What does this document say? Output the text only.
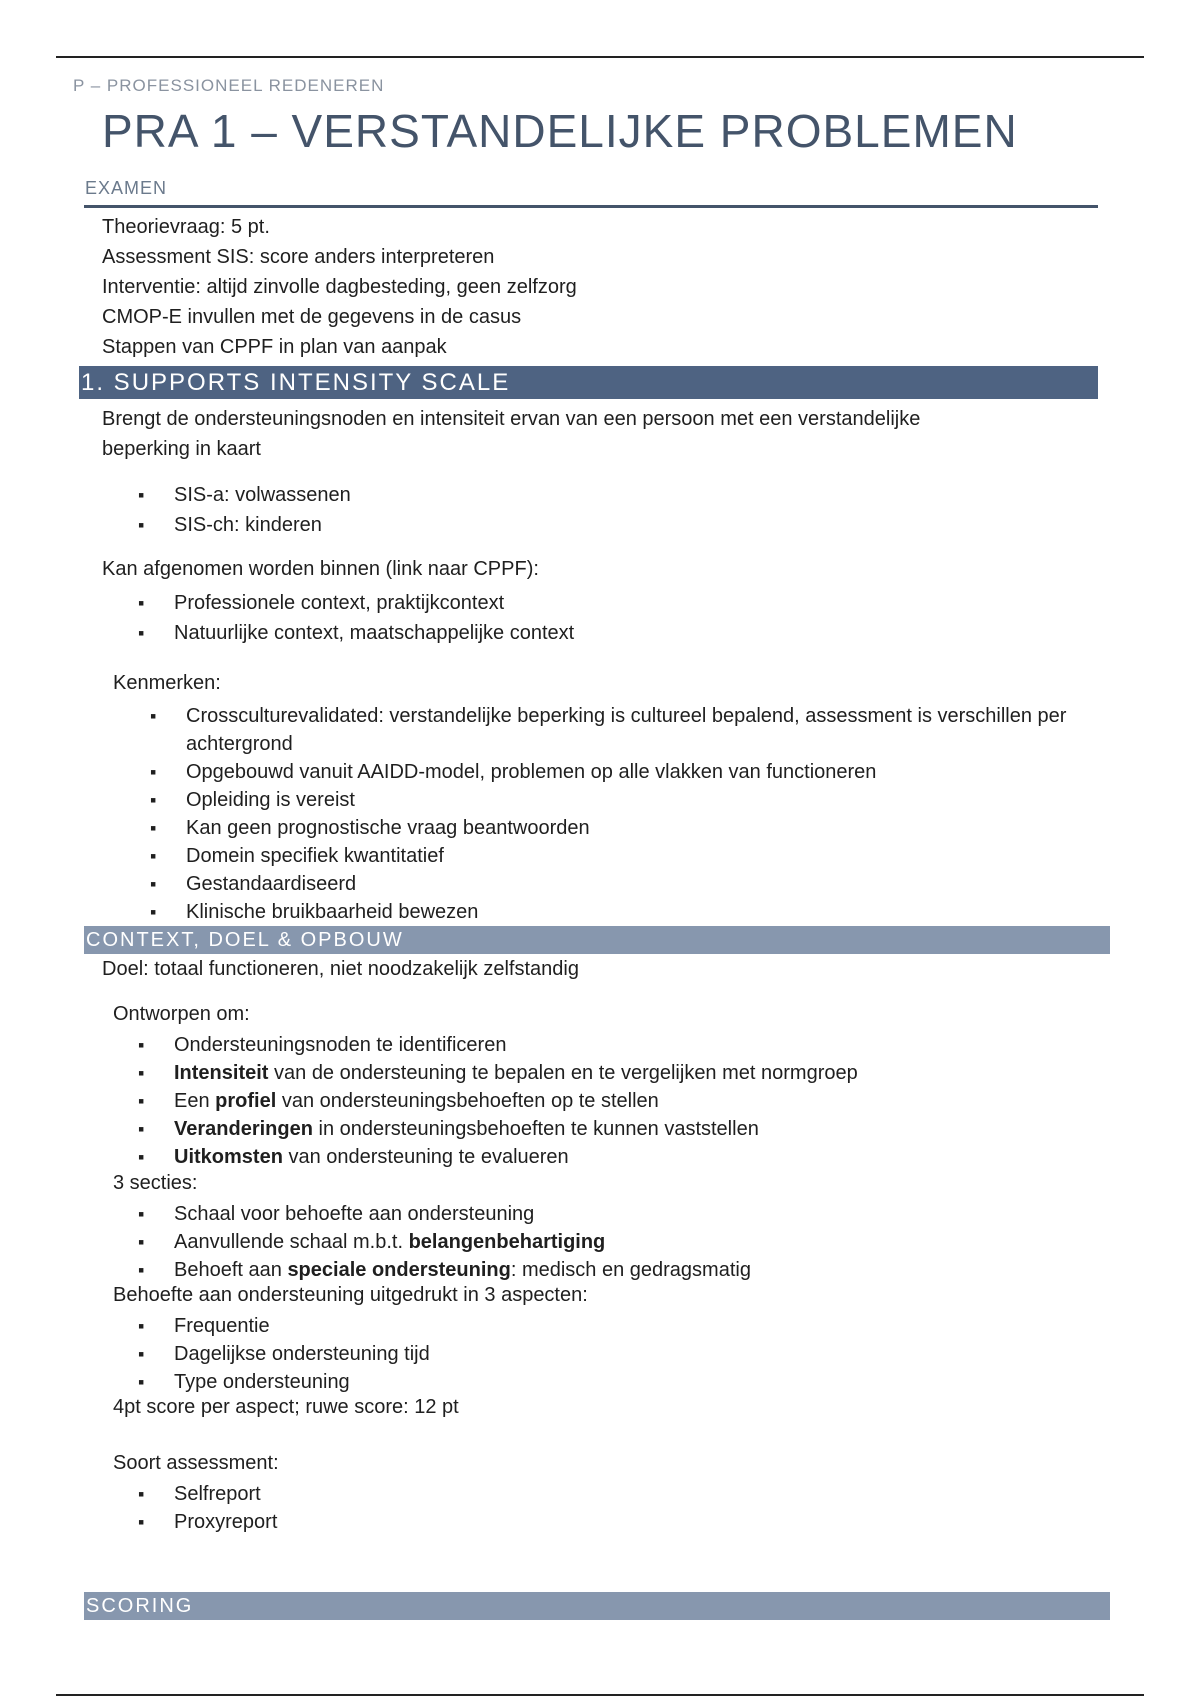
P – PROFESSIONEEL REDENEREN
PRA 1 – VERSTANDELIJKE PROBLEMEN
EXAMEN
Theorievraag: 5 pt.
Assessment SIS: score anders interpreteren
Interventie: altijd zinvolle dagbesteding, geen zelfzorg
CMOP-E invullen met de gegevens in de casus
Stappen van CPPF in plan van aanpak
1. SUPPORTS INTENSITY SCALE
Brengt de ondersteuningsnoden en intensiteit ervan van een persoon met een verstandelijke
beperking in kaart
▪ SIS-a: volwassenen
▪ SIS-ch: kinderen
Kan afgenomen worden binnen (link naar CPPF):
▪ Professionele context, praktijkcontext
▪ Natuurlijke context, maatschappelijke context
Kenmerken:
▪ Crossculturevalidated: verstandelijke beperking is cultureel bepalend, assessment is verschillen per achtergrond
▪ Opgebouwd vanuit AAIDD-model, problemen op alle vlakken van functioneren
▪ Opleiding is vereist
▪ Kan geen prognostische vraag beantwoorden
▪ Domein specifiek kwantitatief
▪ Gestandaardiseerd
▪ Klinische bruikbaarheid bewezen
CONTEXT, DOEL & OPBOUW
Doel: totaal functioneren, niet noodzakelijk zelfstandig
Ontworpen om:
▪ Ondersteuningsnoden te identificeren
▪ Intensiteit van de ondersteuning te bepalen en te vergelijken met normgroep
▪ Een profiel van ondersteuningsbehoeften op te stellen
▪ Veranderingen in ondersteuningsbehoeften te kunnen vaststellen
▪ Uitkomsten van ondersteuning te evalueren
3 secties:
▪ Schaal voor behoefte aan ondersteuning
▪ Aanvullende schaal m.b.t. belangenbehartiging
▪ Behoeft aan speciale ondersteuning: medisch en gedragsmatig
Behoefte aan ondersteuning uitgedrukt in 3 aspecten:
▪ Frequentie
▪ Dagelijkse ondersteuning tijd
▪ Type ondersteuning
4pt score per aspect; ruwe score: 12 pt
Soort assessment:
▪ Selfreport
▪ Proxyreport
SCORING
